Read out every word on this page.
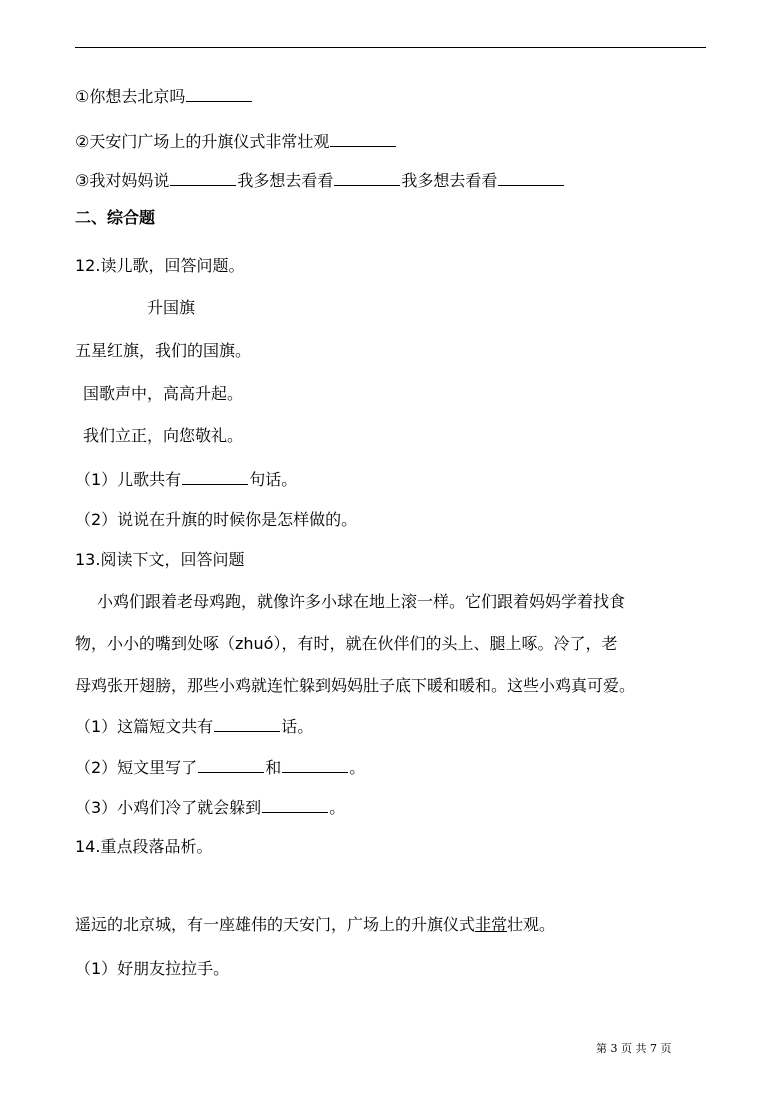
①你想去北京吗
②天安门广场上的升旗仪式非常壮观
③我对妈妈说	我多想去看看	我多想去看看
二、综合题
12.读儿歌，回答问题。
升国旗
五星红旗，我们的国旗。
国歌声中，高高升起。
我们立正，向您敬礼。
（1）儿歌共有	句话。
（2）说说在升旗的时候你是怎样做的。
13.阅读下文，回答问题
小鸡们跟着老母鸡跑，就像许多小球在地上滚一样。它们跟着妈妈学着找食
物，小小的嘴到处啄（zhuó），有时，就在伙伴们的头上、腿上啄。冷了，老
母鸡张开翅膀，那些小鸡就连忙躲到妈妈肚子底下暖和暖和。这些小鸡真可爱。
（1）这篇短文共有	话。
（2）短文里写了	和	。
（3）小鸡们冷了就会躲到	。
14.重点段落品析。
遥远的北京城，有一座雄伟的天安门，广场上的升旗仪式非常壮观。
（1）好朋友拉拉手。
第 3 页 共 7 页
